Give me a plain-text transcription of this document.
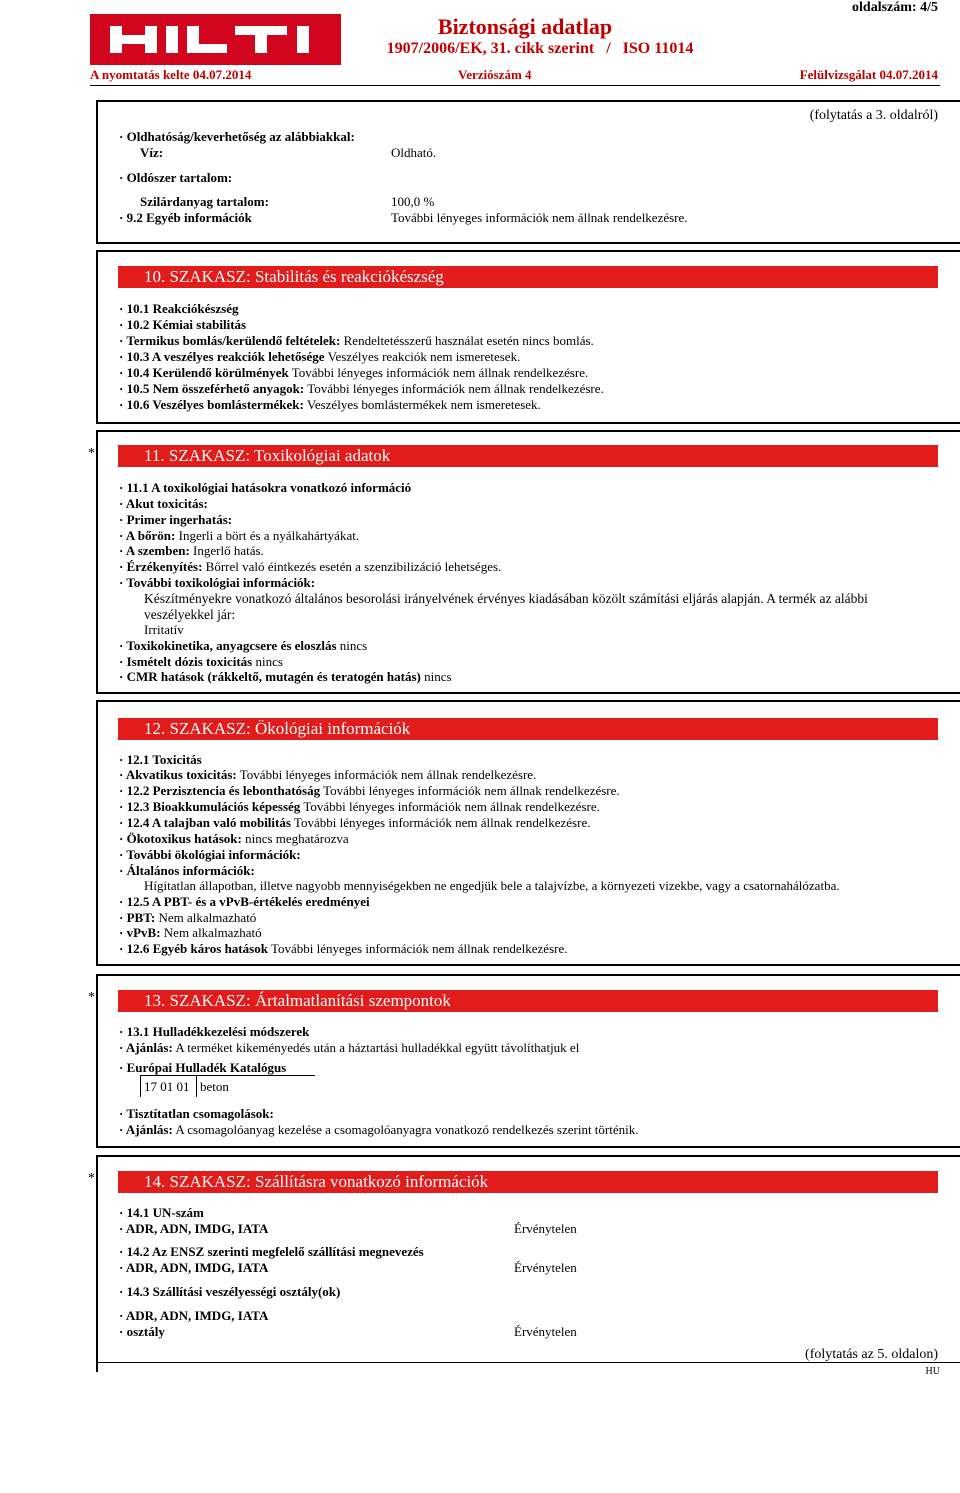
Biztonsági adatlap
1907/2006/EK, 31. cikk szerint   /   ISO 11014
oldalszám: 4/5
A nyomtatás kelte 04.07.2014	Verziószám 4	Felülvizsgálat 04.07.2014
(folytatás a 3. oldalról)
· Oldhatóság/keverhetőség az alábbiakkal:
Víz:	Oldható.
· Oldószer tartalom:
Szilárdanyag tartalom:	100,0 %
· 9.2 Egyéb információk	További lényeges információk nem állnak rendelkezésre.
10. SZAKASZ: Stabilitás és reakciókészség
· 10.1 Reakciókészség
· 10.2 Kémiai stabilitás
· Termikus bomlás/kerülendő feltételek: Rendeltetésszerű használat esetén nincs bomlás.
· 10.3 A veszélyes reakciók lehetősége Veszélyes reakciók nem ismeretesek.
· 10.4 Kerülendő körülmények További lényeges információk nem állnak rendelkezésre.
· 10.5 Nem összeférhető anyagok: További lényeges információk nem állnak rendelkezésre.
· 10.6 Veszélyes bomlástermékek: Veszélyes bomlástermékek nem ismeretesek.
*	11. SZAKASZ: Toxikológiai adatok
· 11.1 A toxikológiai hatásokra vonatkozó információ
· Akut toxicitás:
· Primer ingerhatás:
· A bőrön: Ingerli a bört és a nyálkahártyákat.
· A szemben: Ingerlő hatás.
· Érzékenyítés: Bőrrel való éintkezés esetén a szenzibilizáció lehetséges.
· További toxikológiai információk:
Készítményekre vonatkozó általános besorolási irányelvének érvényes kiadásában közölt számítási eljárás alapján. A termék az alábbi
veszélyekkel jár:
Irritatív
· Toxikokinetika, anyagcsere és eloszlás nincs
· Ismételt dózis toxicitás nincs
· CMR hatások (rákkeltő, mutagén és teratogén hatás) nincs
12. SZAKASZ: Ökológiai információk
· 12.1 Toxicitás
· Akvatikus toxicitás: További lényeges információk nem állnak rendelkezésre.
· 12.2 Perzisztencia és lebonthatóság További lényeges információk nem állnak rendelkezésre.
· 12.3 Bioakkumulációs képesség További lényeges információk nem állnak rendelkezésre.
· 12.4 A talajban való mobilitás További lényeges információk nem állnak rendelkezésre.
· Ökotoxikus hatások: nincs meghatározva
· További ökológiai információk:
· Általános információk:
Hígitatlan állapotban, illetve nagyobb mennyiségekben ne engedjük bele a talajvízbe, a környezeti vizekbe, vagy a csatornahálózatba.
· 12.5 A PBT- és a vPvB-értékelés eredményei
· PBT: Nem alkalmazható
· vPvB: Nem alkalmazható
· 12.6 Egyéb káros hatások További lényeges információk nem állnak rendelkezésre.
*	13. SZAKASZ: Ártalmatlanítási szempontok
· 13.1 Hulladékkezelési módszerek
· Ajánlás: A terméket kikeményedés után a háztartási hulladékkal együtt távolíthatjuk el
· Európai Hulladék Katalógus
17 01 01 beton
· Tisztítatlan csomagolások:
· Ajánlás: A csomagolóanyag kezelése a csomagolóanyagra vonatkozó rendelkezés szerint történik.
*	14. SZAKASZ: Szállításra vonatkozó információk
· 14.1 UN-szám
· ADR, ADN, IMDG, IATA	Érvénytelen
· 14.2 Az ENSZ szerinti megfelelő szállítási megnevezés
· ADR, ADN, IMDG, IATA	Érvénytelen
· 14.3 Szállítási veszélyességi osztály(ok)
· ADR, ADN, IMDG, IATA
· osztály	Érvénytelen
(folytatás az 5. oldalon)
HU
